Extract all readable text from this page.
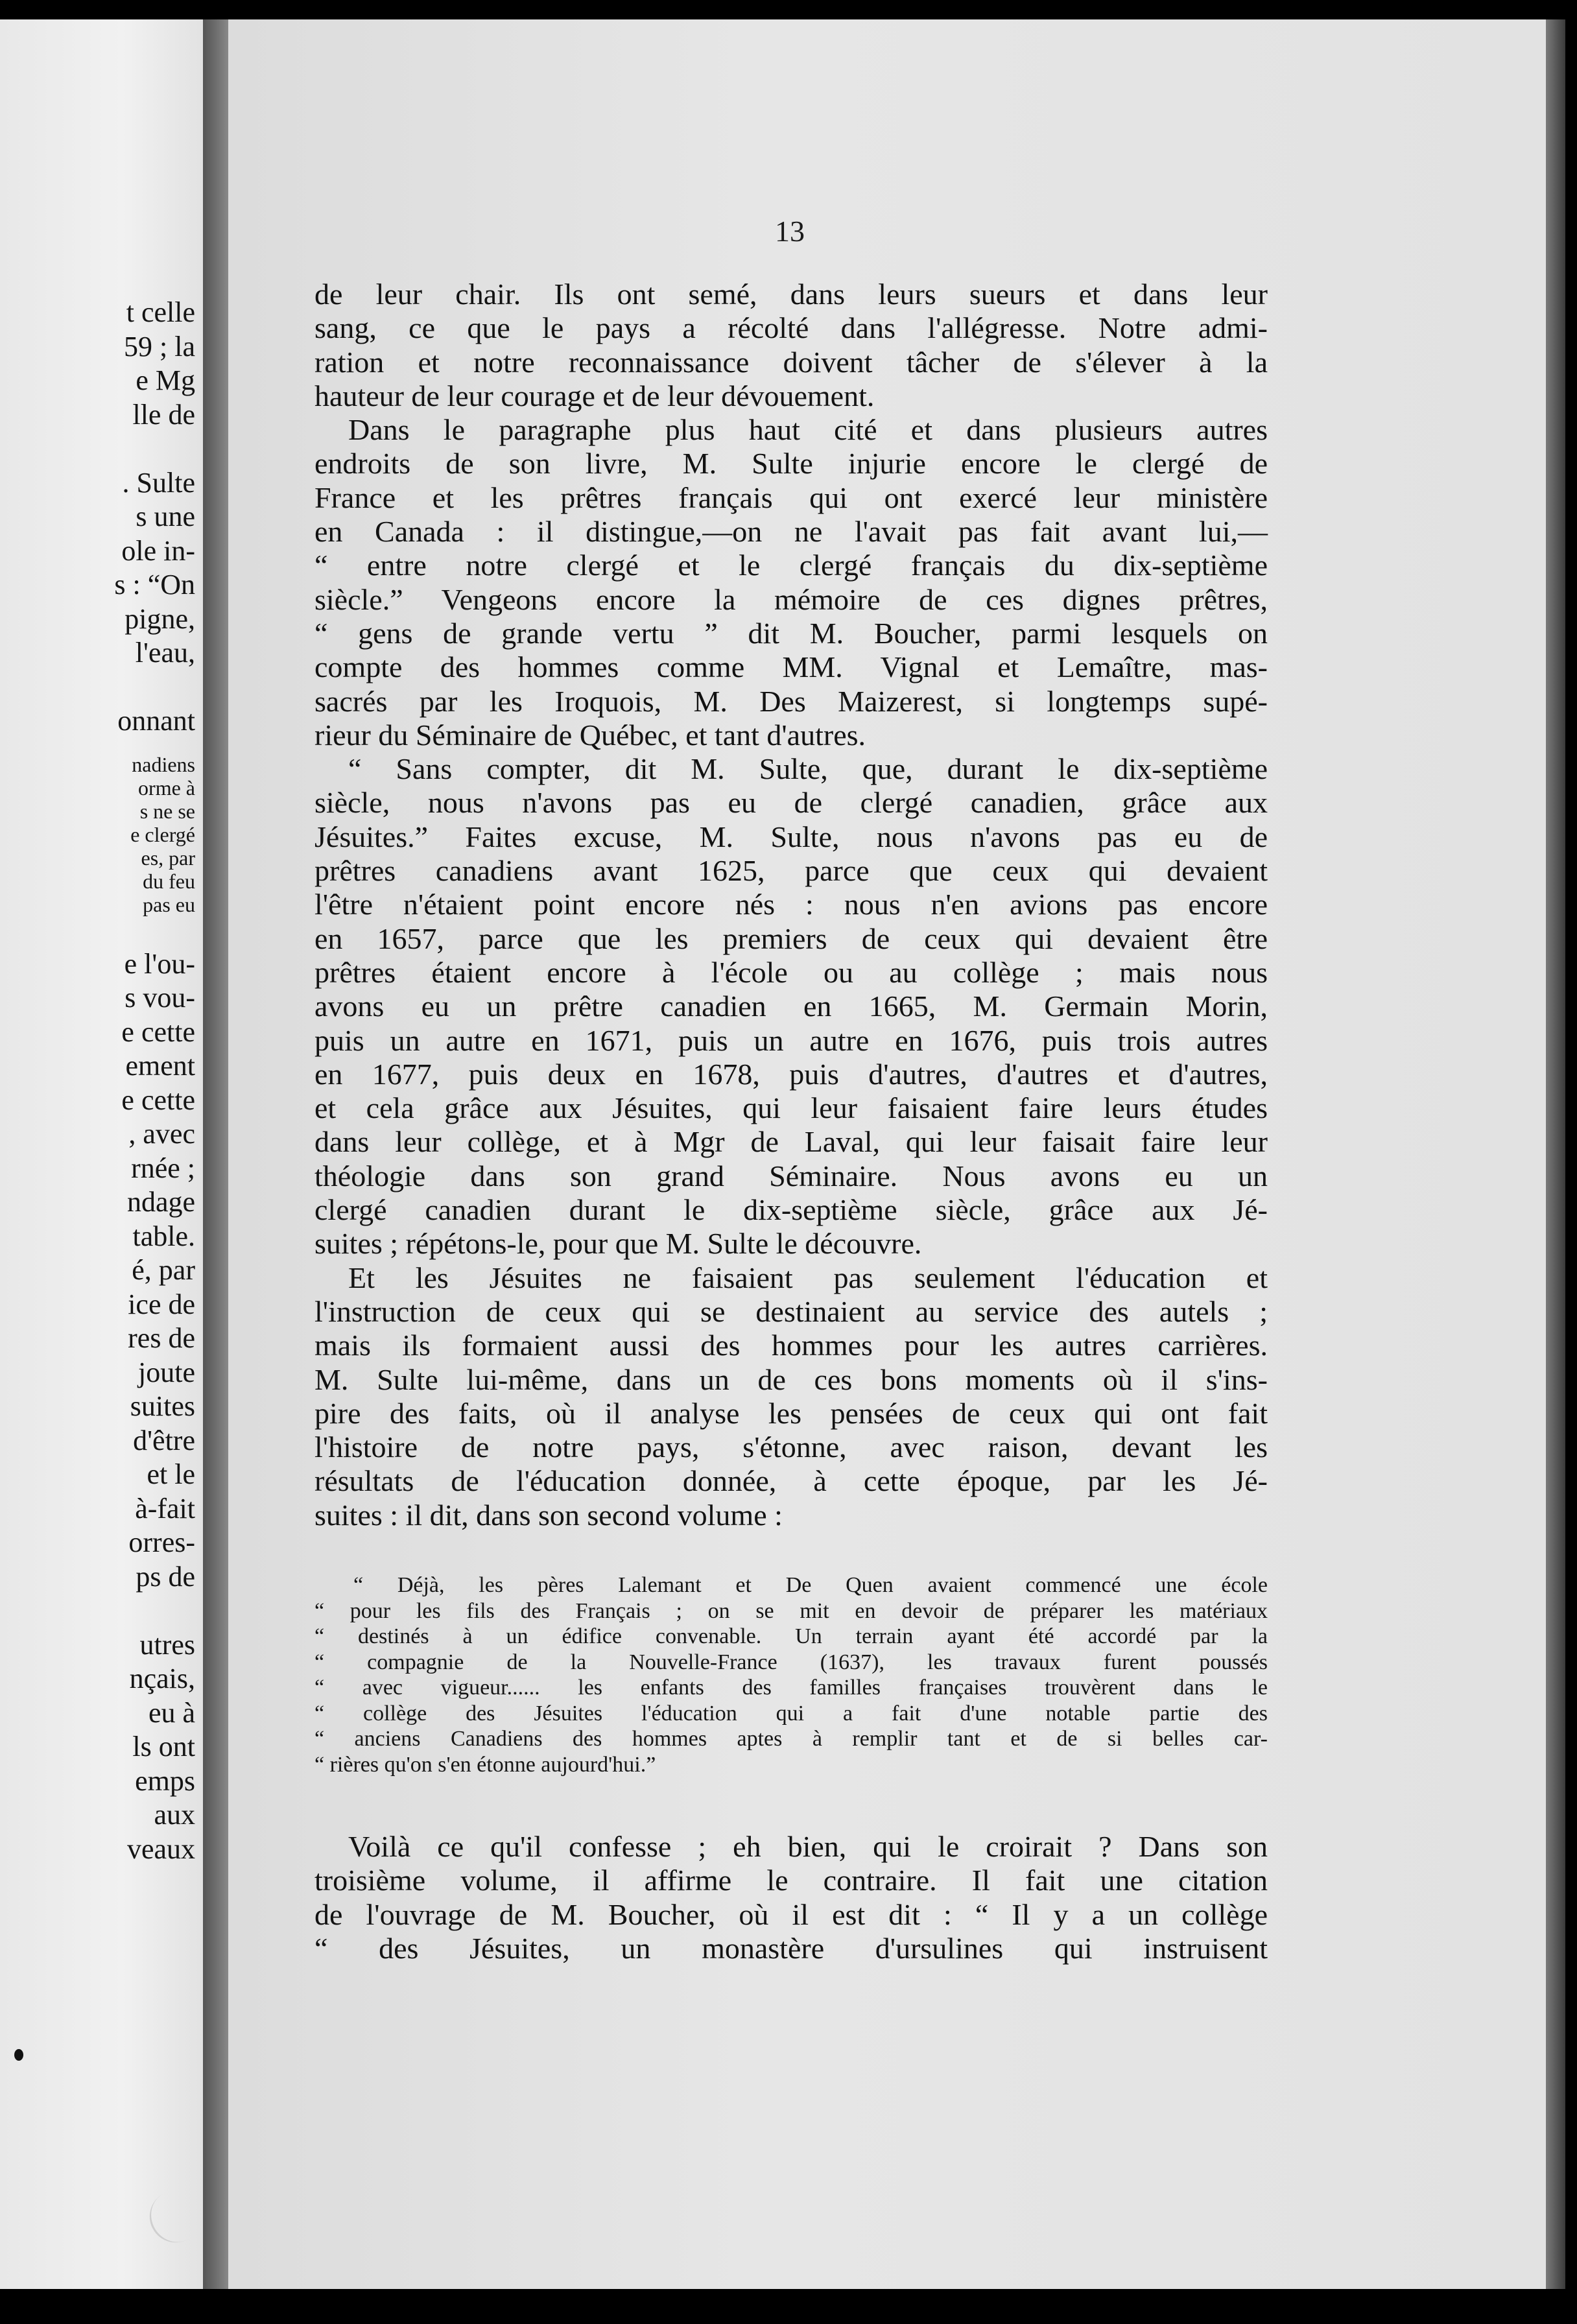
t celle
59 ; la
e Mg
lle de
. Sulte
s une
ole in-
s : “On
pigne,
l'eau,
onnant
nadiens
orme à
s ne se
e clergé
es, par
du feu
pas eu
e l'ou-
s vou-
e cette
ement
e cette
, avec
rnée ;
ndage
table.
é, par
ice de
res de
joute
suites
d'être
et le
à-fait
orres-
ps de
utres
nçais,
eu à
ls ont
emps
aux
veaux

13

de leur chair. Ils ont semé, dans leurs sueurs et dans leur
sang, ce que le pays a récolté dans l'allégresse. Notre admi-
ration et notre reconnaissance doivent tâcher de s'élever à la
hauteur de leur courage et de leur dévouement.
Dans le paragraphe plus haut cité et dans plusieurs autres
endroits de son livre, M. Sulte injurie encore le clergé de
France et les prêtres français qui ont exercé leur ministère
en Canada : il distingue,—on ne l'avait pas fait avant lui,—
“ entre notre clergé et le clergé français du dix-septième
siècle.” Vengeons encore la mémoire de ces dignes prêtres,
“ gens de grande vertu ” dit M. Boucher, parmi lesquels on
compte des hommes comme MM. Vignal et Lemaître, mas-
sacrés par les Iroquois, M. Des Maizerest, si longtemps supé-
rieur du Séminaire de Québec, et tant d'autres.
“ Sans compter, dit M. Sulte, que, durant le dix-septième
siècle, nous n'avons pas eu de clergé canadien, grâce aux
Jésuites.” Faites excuse, M. Sulte, nous n'avons pas eu de
prêtres canadiens avant 1625, parce que ceux qui devaient
l'être n'étaient point encore nés : nous n'en avions pas encore
en 1657, parce que les premiers de ceux qui devaient être
prêtres étaient encore à l'école ou au collège ; mais nous
avons eu un prêtre canadien en 1665, M. Germain Morin,
puis un autre en 1671, puis un autre en 1676, puis trois autres
en 1677, puis deux en 1678, puis d'autres, d'autres et d'autres,
et cela grâce aux Jésuites, qui leur faisaient faire leurs études
dans leur collège, et à Mgr de Laval, qui leur faisait faire leur
théologie dans son grand Séminaire. Nous avons eu un
clergé canadien durant le dix-septième siècle, grâce aux Jé-
suites ; répétons-le, pour que M. Sulte le découvre.
Et les Jésuites ne faisaient pas seulement l'éducation et
l'instruction de ceux qui se destinaient au service des autels ;
mais ils formaient aussi des hommes pour les autres carrières.
M. Sulte lui-même, dans un de ces bons moments où il s'ins-
pire des faits, où il analyse les pensées de ceux qui ont fait
l'histoire de notre pays, s'étonne, avec raison, devant les
résultats de l'éducation donnée, à cette époque, par les Jé-
suites : il dit, dans son second volume :
“ Déjà, les pères Lalemant et De Quen avaient commencé une école
“ pour les fils des Français ; on se mit en devoir de préparer les matériaux
“ destinés à un édifice convenable. Un terrain ayant été accordé par la
“ compagnie de la Nouvelle-France (1637), les travaux furent poussés
“ avec vigueur...... les enfants des familles françaises trouvèrent dans le
“ collège des Jésuites l'éducation qui a fait d'une notable partie des
“ anciens Canadiens des hommes aptes à remplir tant et de si belles car-
“ rières qu'on s'en étonne aujourd'hui.”
Voilà ce qu'il confesse ; eh bien, qui le croirait ? Dans son
troisième volume, il affirme le contraire. Il fait une citation
de l'ouvrage de M. Boucher, où il est dit : “ Il y a un collège
“ des Jésuites, un monastère d'ursulines qui instruisent
